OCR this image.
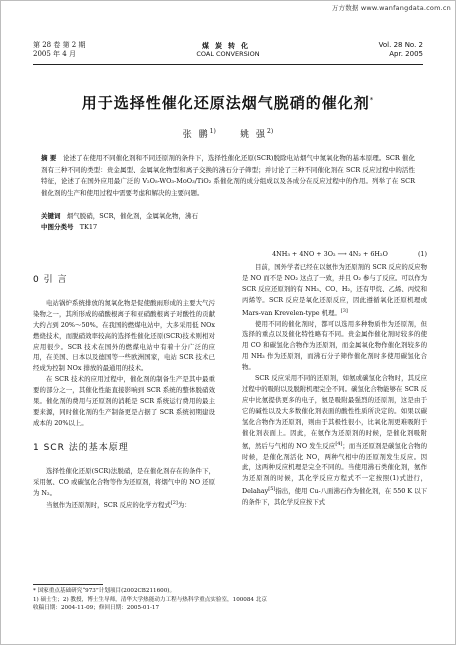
万方数据 www.wanfangdata.com.cn
第 28 卷 第 2 期
2005 年 4 月
煤炭转化
COAL CONVERSION
Vol. 28 No. 2
Apr. 2005
用于选择性催化还原法烟气脱硝的催化剂*
张 鹏$^{1)}$	姚 强$^{2)}$
摘 要 论述了在使用不同催化剂和不同还原剂的条件下，选择性催化还原(SCR)脱除电站烟气中氮氧化物的基本原理。SCR 催化剂有三种不同的类型：贵金属型、金属氧化物型和离子交换的沸石分子筛型；并讨论了三种不同催化剂在 SCR 反应过程中的活性特征，论述了在国外应用最广泛的 V₂O₅-WO₃-MoO₃/TiO₂ 系催化剂的成分组成以及各成分在反应过程中的作用。列举了在 SCR 催化剂的生产和使用过程中需要考虑和解决的主要问题。
关键词 烟气脱硝，SCR，催化剂，金属氧化物，沸石
中图分类号 TK17

0 引 言

电站锅炉系统排放的氮氧化物是促使酸雨形成的主要大气污染物之一，其所形成的硝酸根离子和亚硝酸根离子对酸性的贡献大约占到 20%～50%。在我国的燃煤电站中，大多采用低 NOx 燃烧技术，而脱硝效率较高的选择性催化还原(SCR)技术则相对应用很少。SCR 技术在国外的燃煤电站中有着十分广泛的应用，在美国、日本以及德国等一些欧洲国家，电站 SCR 技术已经成为控制 NOx 排放的最通用的技术。

在 SCR 技术的应用过程中，催化剂的制备生产是其中最重要的部分之一，其催化性能直接影响到 SCR 系统的整体脱硝效果。催化剂的费用与还原剂的消耗是 SCR 系统运行费用的最主要来源，同时催化剂的生产制备更是占据了 SCR 系统初期建设成本的 20%以上。

1 SCR 法的基本原理

选择性催化还原(SCR)法脱硝，是在催化剂存在的条件下，采用氨、CO 或碳氢化合物等作为还原剂，将烟气中的 NO 还原为 N₂。

当氨作为还原剂时，SCR 反应的化学方程式[2]为：

4NH₃ + 4NO + 3O₂ ⟶ 4N₂ + 6H₂O	(1)

目前，国外学者已经在以氨作为还原剂的 SCR 反应的反应物是 NO 而不是 NO₂ 这点了一致，并且 O₂ 参与了反应。可以作为 SCR 反应还原剂的有 NH₃、CO、H₂，还有甲烷、乙烯、丙烷和丙烯等。SCR 反应是氧化还原反应，因此遵循氧化还原机理或 Mars-van Krevelen-type 机理。[3]

使用不同的催化剂时，都可以选用多种物质作为还原剂，但选择的重点以及催化特性略有不同。贵金属作催化剂时较多的使用 CO 和碳氢化合物作为还原剂，而金属氧化物作催化剂较多的用 NH₃ 作为还原剂，而沸石分子筛作催化剂时多使用碳氢化合物。

SCR 反应采用不同的还原剂，如氨或碳氢化合物时，其反应过程中的吸附以及脱附机理完全不同。碳氢化合物能够在 SCR 反应中比氨提供更多的电子，氨是吸附最强烈的还原剂，这是由于它的碱性以及大多数催化剂表面的酸性性质所决定的。如果以碳氢化合物作为还原剂，则由于其极性很小，比氧化剂更难吸附于催化剂表面上。因此，在氨作为还原剂的时候，是催化剂吸附氨，然后与气相的 NO 发生反应[4]；而当还原剂是碳氢化合物的时候，是催化剂活化 NO，两种气相中的还原剂发生反应。因此，这两种反应机理是完全不同的。当使用沸石类催化剂，氨作为还原剂的时候，其化学反应方程式不一定按照(1)式进行，Delahay[5]指出，使用 Cu-八面沸石作为催化剂，在 550 K 以下的条件下，其化学反应按下式

* 国家重点基础研究“973”计划项目(2002CB211600)。
1) 硕士生；2) 教授，博士生导师，清华大学热能动力工程与热科学重点实验室，100084 北京
收稿日期：2004-11-09；修回日期：2005-01-17
